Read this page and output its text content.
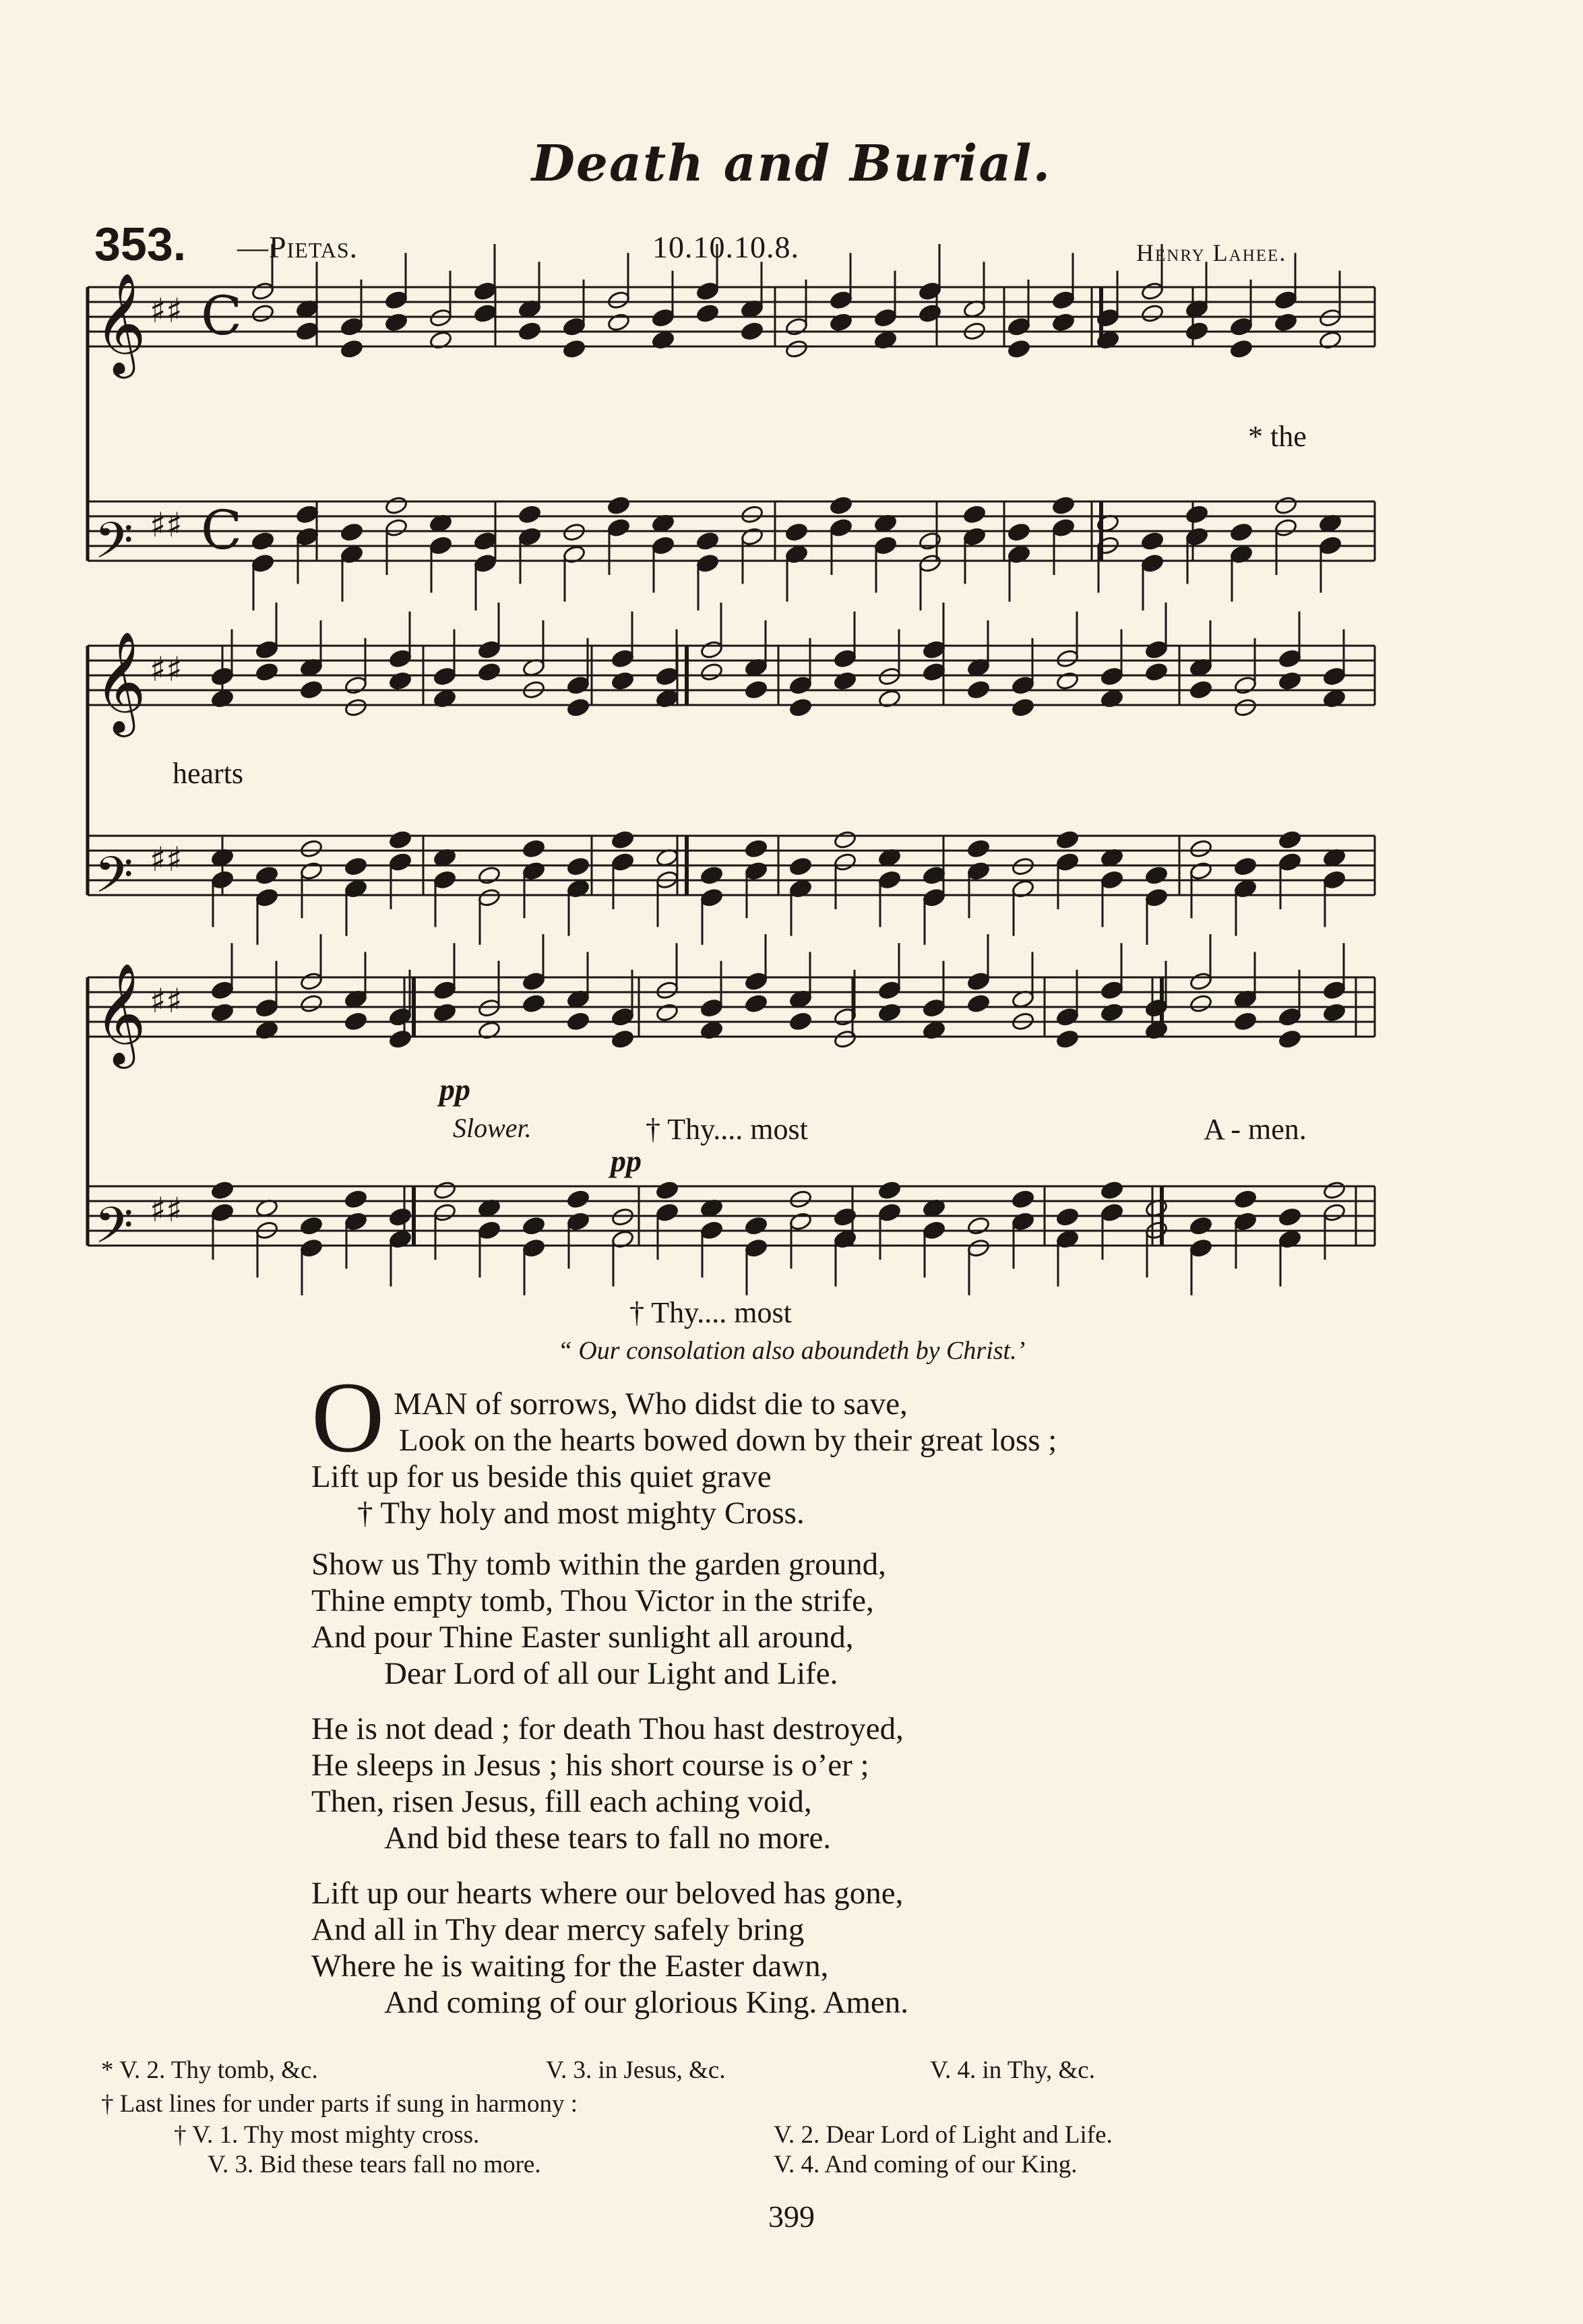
Death and Burial.
353. —Pietas.	10.10.10.8.	Henry Lahee.
𝄞 ♯♯ C
𝄢 ♯♯ C
𝄞 ♯♯
𝄢 ♯♯
𝄞 ♯♯
𝄢 ♯♯
* the
hearts
pp
Slower.	† Thy.... most	A - men.
pp
† Thy.... most
“ Our consolation also aboundeth by Christ.’
O MAN of sorrows, Who didst die to save,
Look on the hearts bowed down by their great loss ;
Lift up for us beside this quiet grave
† Thy holy and most mighty Cross.
Show us Thy tomb within the garden ground,
Thine empty tomb, Thou Victor in the strife,
And pour Thine Easter sunlight all around,
Dear Lord of all our Light and Life.
He is not dead ; for death Thou hast destroyed,
He sleeps in Jesus ; his short course is o’er ;
Then, risen Jesus, fill each aching void,
And bid these tears to fall no more.
Lift up our hearts where our beloved has gone,
And all in Thy dear mercy safely bring
Where he is waiting for the Easter dawn,
And coming of our glorious King. Amen.
* V. 2. Thy tomb, &c.	V. 3. in Jesus, &c.	V. 4. in Thy, &c.
† Last lines for under parts if sung in harmony :
† V. 1. Thy most mighty cross.	V. 2. Dear Lord of Light and Life.
V. 3. Bid these tears fall no more.	V. 4. And coming of our King.
399
